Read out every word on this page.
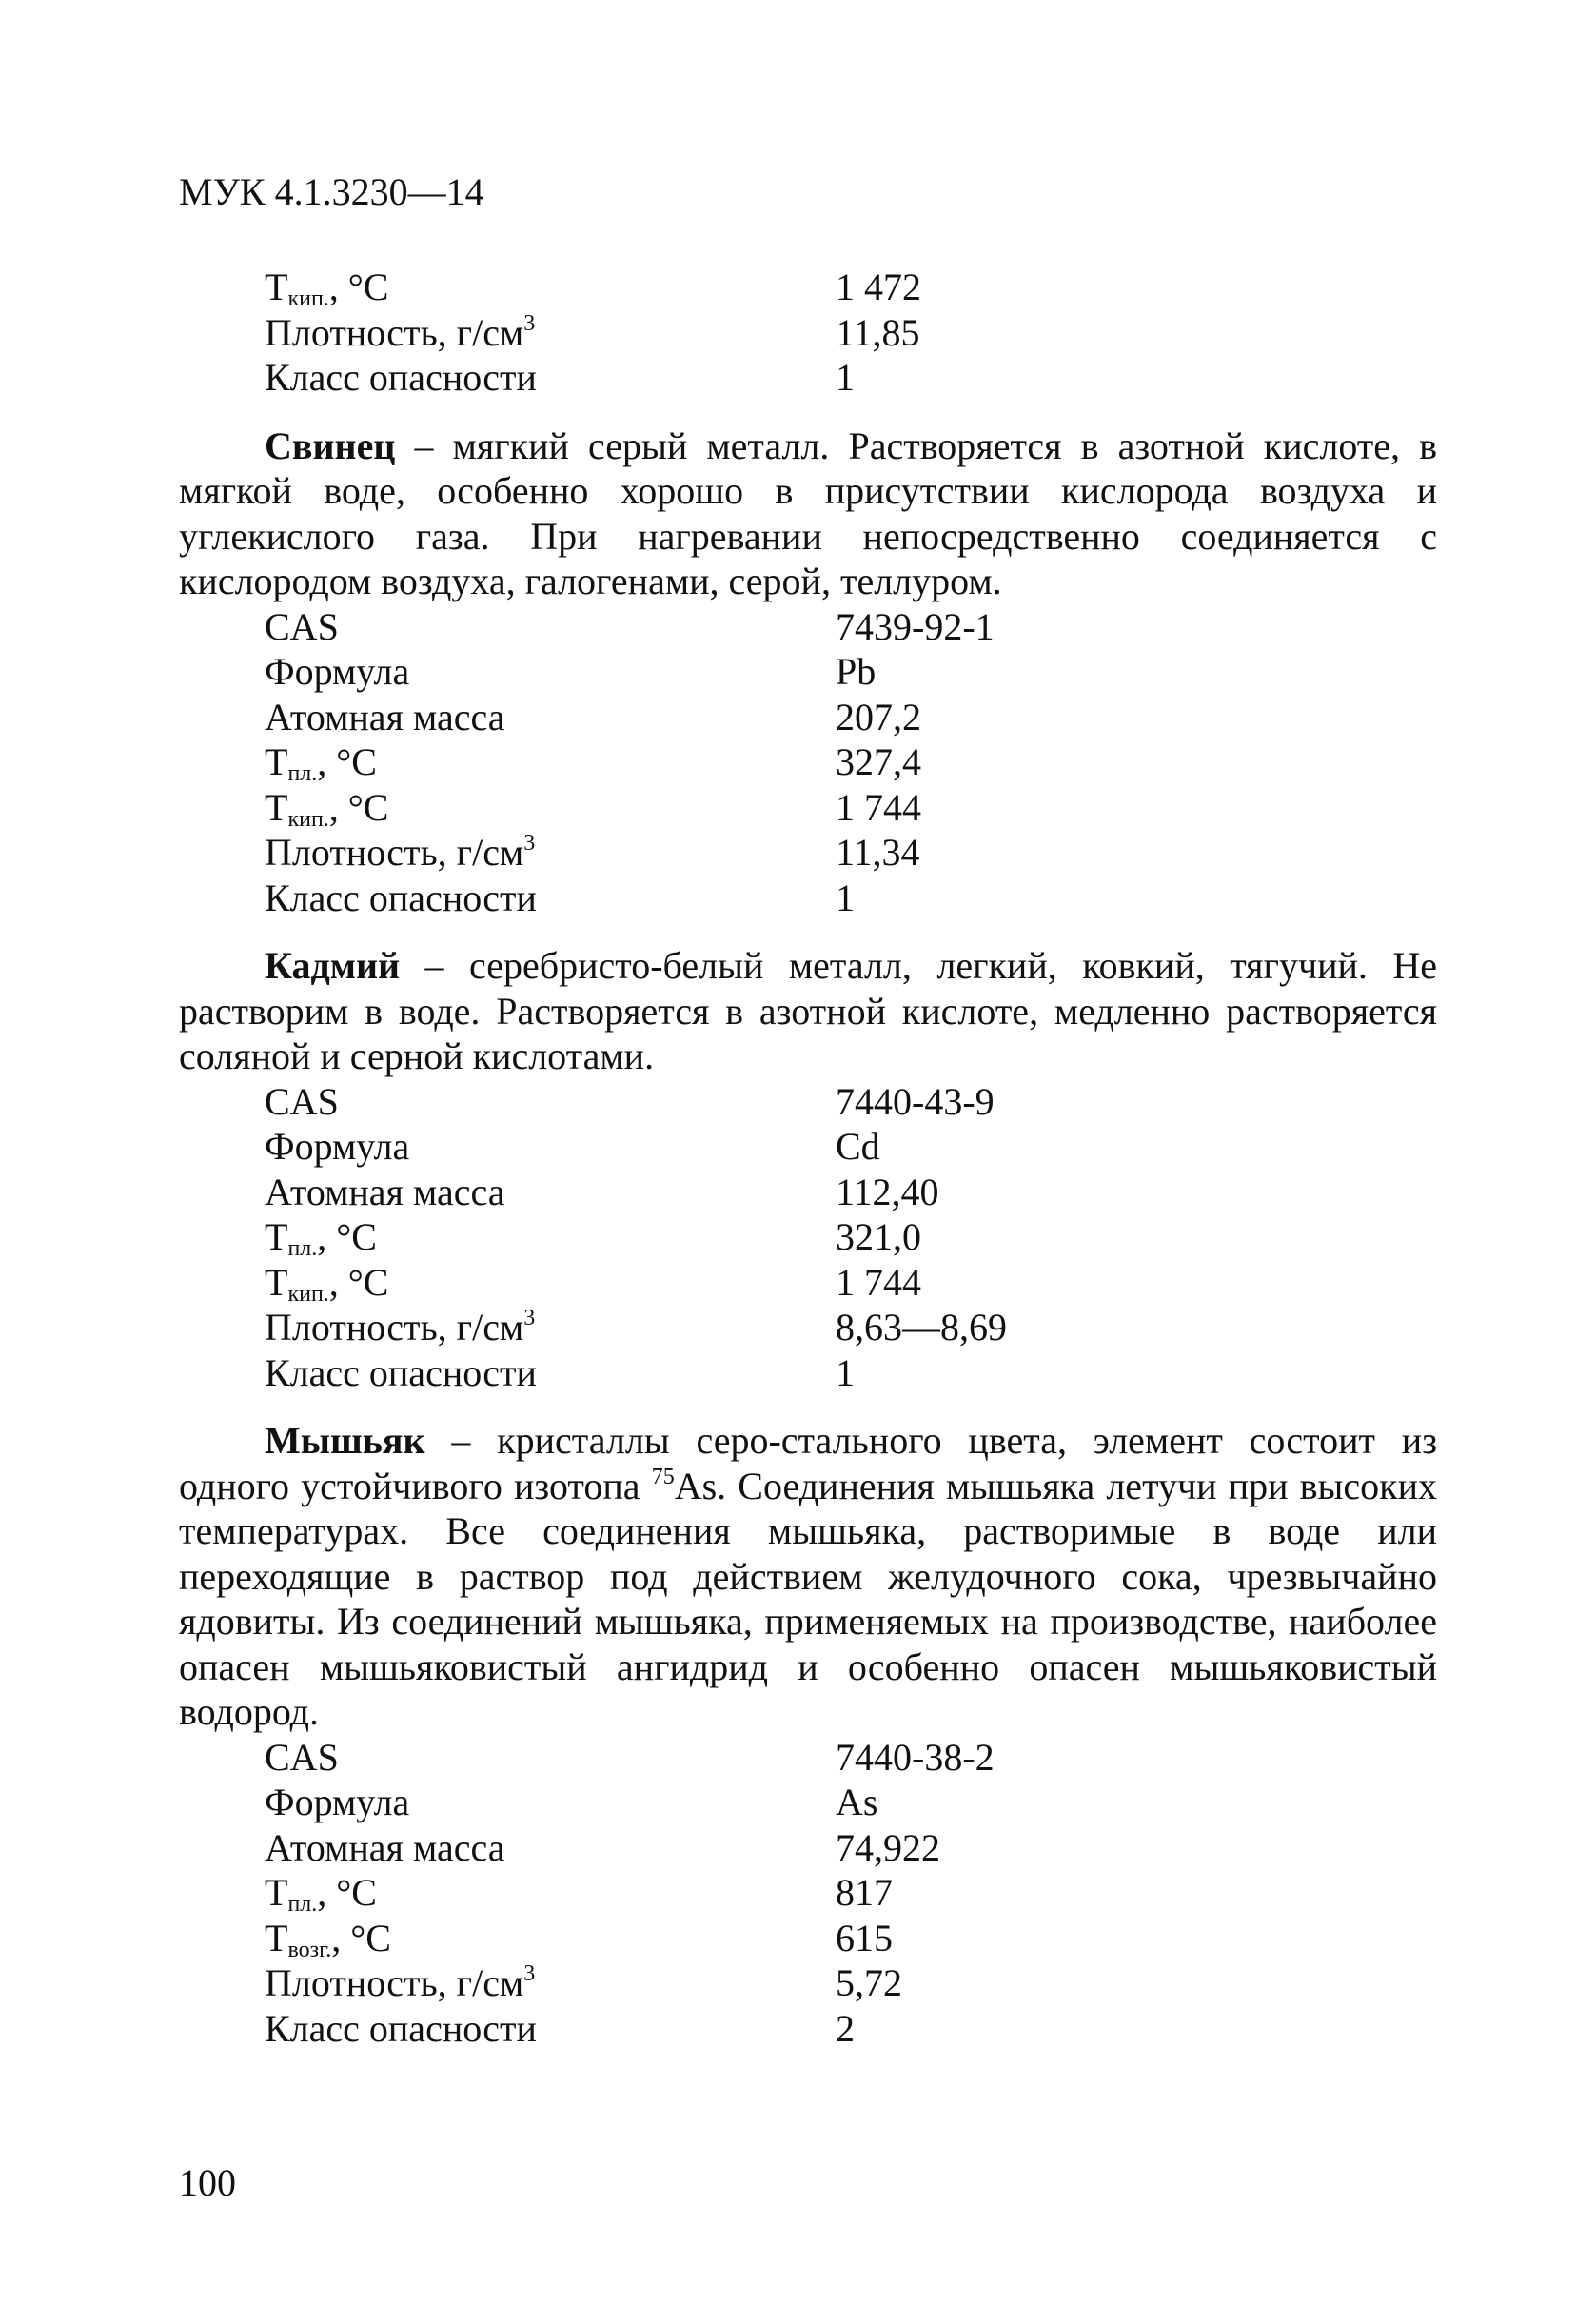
МУК 4.1.3230—14
$Т_{кип.}$, °С	1 472
Плотность, $г/см^3$	11,85
Класс опасности	1

Свинец – мягкий серый металл. Растворяется в азотной кислоте, в мягкой воде, особенно хорошо в присутствии кислорода воздуха и углекислого газа. При нагревании непосредственно соединяется с кислородом воздуха, галогенами, серой, теллуром.

CAS	7439-92-1
Формула	Pb
Атомная масса	207,2
$Т_{пл.}$, °С	327,4
$Т_{кип.}$, °С	1 744
Плотность, $г/см^3$	11,34
Класс опасности	1

Кадмий – серебристо-белый металл, легкий, ковкий, тягучий. Не растворим в воде. Растворяется в азотной кислоте, медленно растворяется соляной и серной кислотами.

CAS	7440-43-9
Формула	Cd
Атомная масса	112,40
$Т_{пл.}$, °С	321,0
$Т_{кип.}$, °С	1 744
Плотность, $г/см^3$	8,63—8,69
Класс опасности	1

Мышьяк – кристаллы серо-стального цвета, элемент состоит из одного устойчивого изотопа $^{75}$As. Соединения мышьяка летучи при высоких температурах. Все соединения мышьяка, растворимые в воде или переходящие в раствор под действием желудочного сока, чрезвычайно ядовиты. Из соединений мышьяка, применяемых на производстве, наиболее опасен мышьяковистый ангидрид и особенно опасен мышьяковистый водород.

CAS	7440-38-2
Формула	As
Атомная масса	74,922
$Т_{пл.}$, °С	817
$Т_{возг.}$, °С	615
Плотность, $г/см^3$	5,72
Класс опасности	2
100
